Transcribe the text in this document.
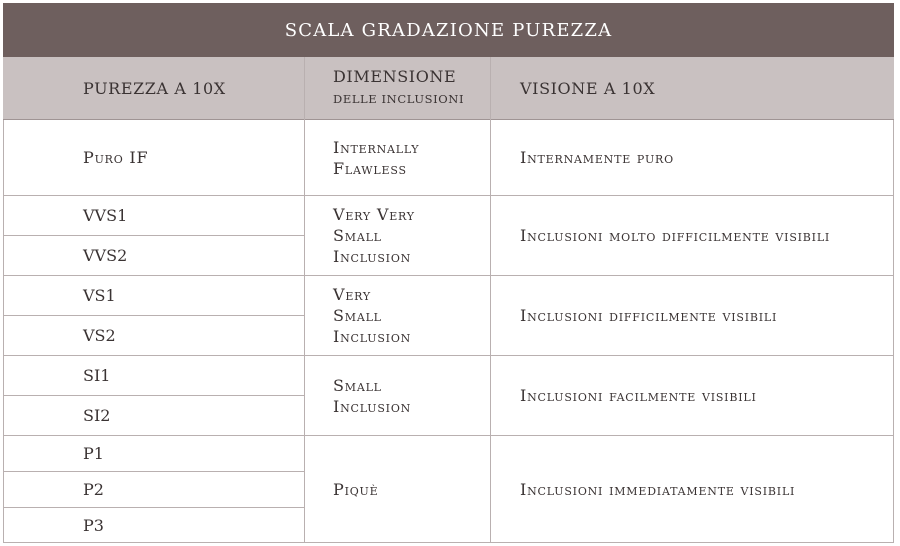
SCALA GRADAZIONE PUREZZA
PUREZZA A 10X
DIMENSIONE
DELLE INCLUSIONI
VISIONE A 10X
Puro IF
Internally
Flawless
Internamente puro
VVS1
VVS2
Very Very
Small
Inclusion
Inclusioni molto difficilmente visibili
VS1
VS2
Very
Small
Inclusion
Inclusioni difficilmente visibili
SI1
SI2
Small
Inclusion
Inclusioni facilmente visibili
P1
P2
P3
Piquè	Inclusioni immediatamente visibili
